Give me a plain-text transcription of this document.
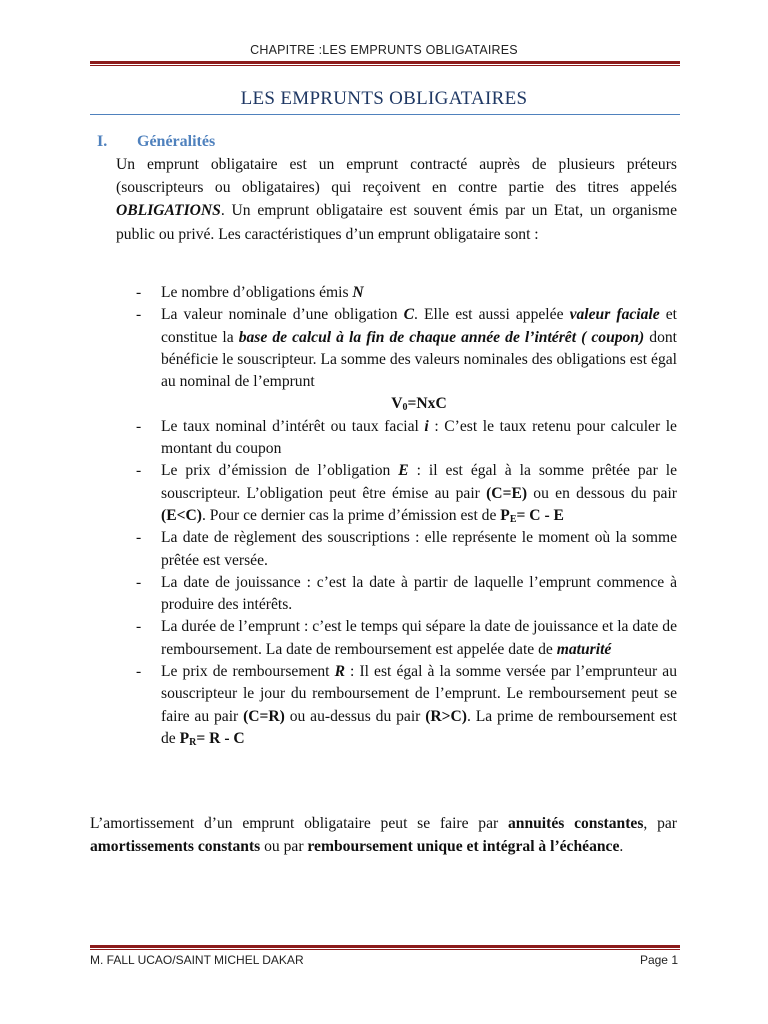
CHAPITRE :LES EMPRUNTS OBLIGATAIRES
LES EMPRUNTS OBLIGATAIRES
I. Généralités
Un emprunt obligataire est un emprunt contracté auprès de plusieurs préteurs (souscripteurs ou obligataires) qui reçoivent en contre partie des titres appelés OBLIGATIONS. Un emprunt obligataire est souvent émis par un Etat, un organisme public ou privé. Les caractéristiques d’un emprunt obligataire sont :
- Le nombre d’obligations émis N
- La valeur nominale d’une obligation C. Elle est aussi appelée valeur faciale et constitue la base de calcul à la fin de chaque année de l’intérêt ( coupon) dont bénéficie le souscripteur. La somme des valeurs nominales des obligations est égal au nominal de l’emprunt
$V_0=NxC$
- Le taux nominal d’intérêt ou taux facial i : C’est le taux retenu pour calculer le montant du coupon
- Le prix d’émission de l’obligation E : il est égal à la somme prêtée par le souscripteur. L’obligation peut être émise au pair (C=E) ou en dessous du pair (E<C). Pour ce dernier cas la prime d’émission est de $P_E= C - E$
- La date de règlement des souscriptions : elle représente le moment où la somme prêtée est versée.
- La date de jouissance : c’est la date à partir de laquelle l’emprunt commence à produire des intérêts.
- La durée de l’emprunt : c’est le temps qui sépare la date de jouissance et la date de remboursement. La date de remboursement est appelée date de maturité
- Le prix de remboursement R : Il est égal à la somme versée par l’emprunteur au souscripteur le jour du remboursement de l’emprunt. Le remboursement peut se faire au pair (C=R) ou au-dessus du pair (R>C). La prime de remboursement est de $P_R= R - C$
L’amortissement d’un emprunt obligataire peut se faire par annuités constantes, par amortissements constants ou par remboursement unique et intégral à l’échéance.
M. FALL UCAO/SAINT MICHEL DAKAR	Page 1
